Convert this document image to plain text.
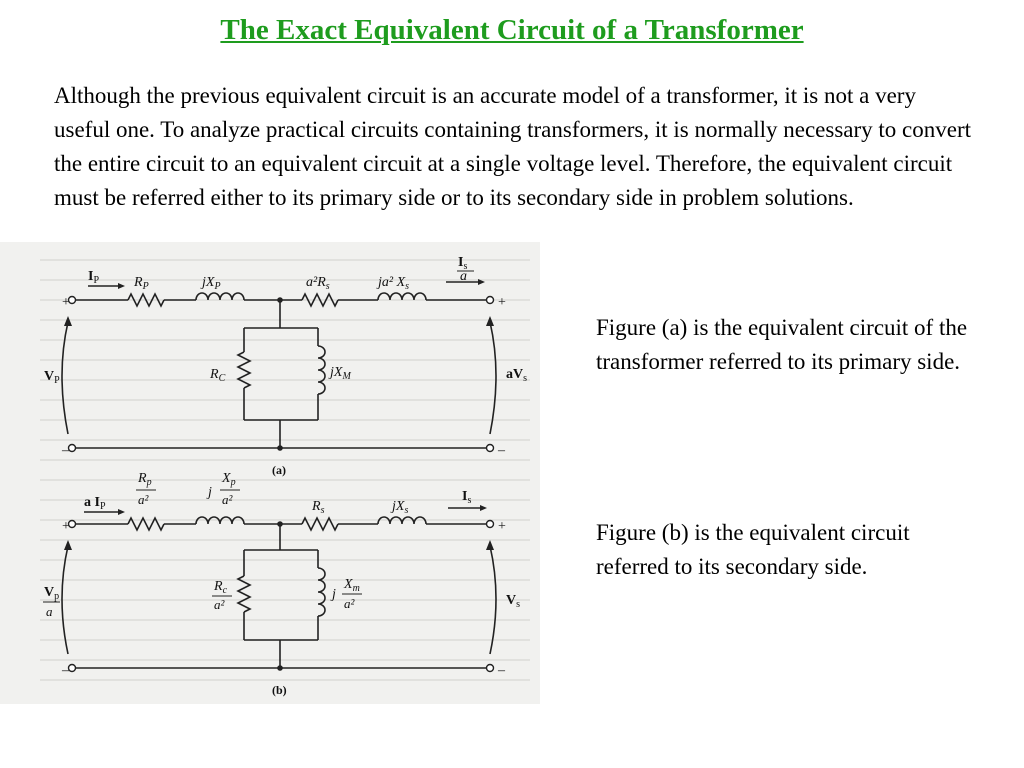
The Exact Equivalent Circuit of a Transformer

Although the previous equivalent circuit is an accurate model of a transformer, it is not a very useful one. To analyze practical circuits containing transformers, it is normally necessary to convert the entire circuit to an equivalent circuit at a single voltage level. Therefore, the equivalent circuit must be referred either to its primary side or to its secondary side in problem solutions.

Figure (a) is the equivalent circuit of the transformer referred to its primary side.

Figure (b) is the equivalent circuit referred to its secondary side.

+
–
+
–
$I_P$ $R_P$	$jX_P$	$a^2R_s$	ja² $X_s$
$I_s$
a
$R_C$	$jX_M$
$V_P$	$aV_s$
(a)
+
–
+
–
a $I_P$
$R_p$
a²	j
$X_p$
a²	$R_s$	$jX_s$
$I_s$
$R_c$
a²
j
$X_m$
a²
$V_p$
a
$V_s$
(b)
